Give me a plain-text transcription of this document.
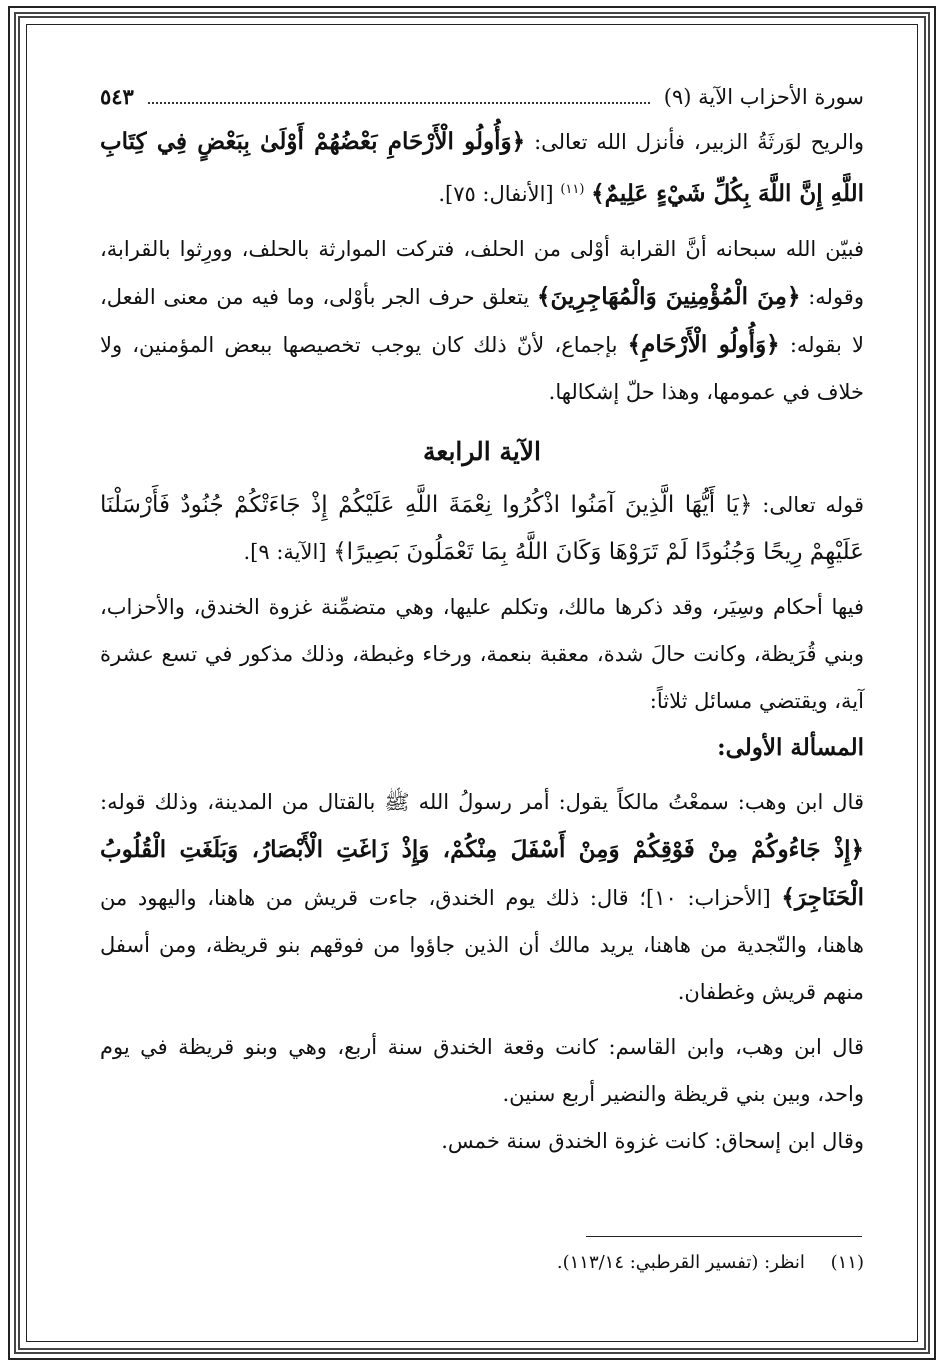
سورة الأحزاب الآية (٩)
٥٤٣

والريح لوَرثَةُ الزبير، فأنزل الله تعالى: ﴿وَأُولُو الْأَرْحَامِ بَعْضُهُمْ أَوْلَىٰ بِبَعْضٍ فِي كِتَابِ اللَّهِ إِنَّ اللَّهَ بِكُلِّ شَيْءٍ عَلِيمٌ﴾ $^{(١١)}$ [الأنفال: ٧٥].

فبيّن الله سبحانه أنَّ القرابة أوْلى من الحلف، فتركت الموارثة بالحلف، وورِثوا بالقرابة، وقوله: ﴿مِنَ الْمُؤْمِنِينَ وَالْمُهَاجِرِينَ﴾ يتعلق حرف الجر بأوْلى، وما فيه من معنى الفعل، لا بقوله: ﴿وَأُولُو الْأَرْحَامِ﴾ بإجماع، لأنّ ذلك كان يوجب تخصيصها ببعض المؤمنين، ولا خلاف في عمومها، وهذا حلّ إشكالها.

الآية الرابعة

قوله تعالى: ﴿يَا أَيُّهَا الَّذِينَ آمَنُوا اذْكُرُوا نِعْمَةَ اللَّهِ عَلَيْكُمْ إِذْ جَاءَتْكُمْ جُنُودٌ فَأَرْسَلْنَا عَلَيْهِمْ رِيحًا وَجُنُودًا لَمْ تَرَوْهَا وَكَانَ اللَّهُ بِمَا تَعْمَلُونَ بَصِيرًا﴾ [الآية: ٩].

فيها أحكام وسِيَر، وقد ذكرها مالك، وتكلم عليها، وهي متضمِّنة غزوة الخندق، والأحزاب، وبني قُرَيظة، وكانت حالَ شدة، معقبة بنعمة، ورخاء وغبطة، وذلك مذكور في تسع عشرة آية، ويقتضي مسائل ثلاثاً:

المسألة الأولى:

قال ابن وهب: سمعْتُ مالكاً يقول: أمر رسولُ الله ﷺ بالقتال من المدينة، وذلك قوله: ﴿إِذْ جَاءُوكُمْ مِنْ فَوْقِكُمْ وَمِنْ أَسْفَلَ مِنْكُمْ، وَإِذْ زَاغَتِ الْأَبْصَارُ، وَبَلَغَتِ الْقُلُوبُ الْحَنَاجِرَ﴾ [الأحزاب: ١٠]؛ قال: ذلك يوم الخندق، جاءت قريش من هاهنا، واليهود من هاهنا، والنّجدية من هاهنا، يريد مالك أن الذين جاؤوا من فوقهم بنو قريظة، ومن أسفل منهم قريش وغطفان.

قال ابن وهب، وابن القاسم: كانت وقعة الخندق سنة أربع، وهي وبنو قريظة في يوم واحد، وبين بني قريظة والنضير أربع سنين.

وقال ابن إسحاق: كانت غزوة الخندق سنة خمس.

(١١) انظر: (تفسير القرطبي: ١١٣/١٤).
